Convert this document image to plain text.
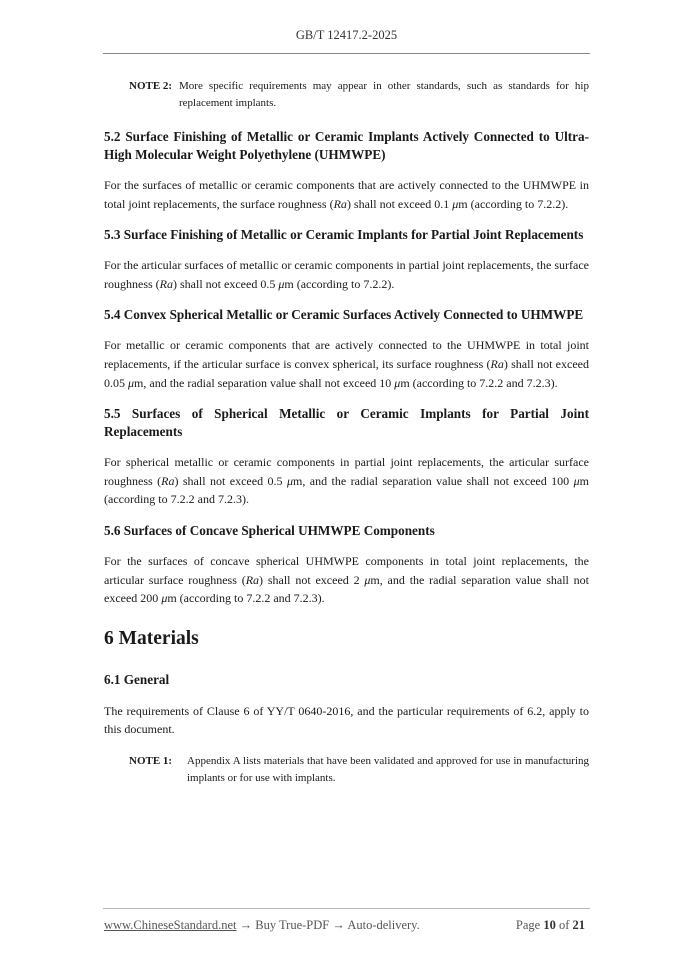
GB/T 12417.2-2025
NOTE 2: More specific requirements may appear in other standards, such as standards for hip replacement implants.
5.2 Surface Finishing of Metallic or Ceramic Implants Actively Connected to Ultra-High Molecular Weight Polyethylene (UHMWPE)

For the surfaces of metallic or ceramic components that are actively connected to the UHMWPE in total joint replacements, the surface roughness (Ra) shall not exceed 0.1 μm (according to 7.2.2).

5.3 Surface Finishing of Metallic or Ceramic Implants for Partial Joint Replacements

For the articular surfaces of metallic or ceramic components in partial joint replacements, the surface roughness (Ra) shall not exceed 0.5 μm (according to 7.2.2).

5.4 Convex Spherical Metallic or Ceramic Surfaces Actively Connected to UHMWPE

For metallic or ceramic components that are actively connected to the UHMWPE in total joint replacements, if the articular surface is convex spherical, its surface roughness (Ra) shall not exceed 0.05 μm, and the radial separation value shall not exceed 10 μm (according to 7.2.2 and 7.2.3).

5.5 Surfaces of Spherical Metallic or Ceramic Implants for Partial Joint Replacements

For spherical metallic or ceramic components in partial joint replacements, the articular surface roughness (Ra) shall not exceed 0.5 μm, and the radial separation value shall not exceed 100 μm (according to 7.2.2 and 7.2.3).

5.6 Surfaces of Concave Spherical UHMWPE Components

For the surfaces of concave spherical UHMWPE components in total joint replacements, the articular surface roughness (Ra) shall not exceed 2 μm, and the radial separation value shall not exceed 200 μm (according to 7.2.2 and 7.2.3).

6 Materials
6.1 General

The requirements of Clause 6 of YY/T 0640-2016, and the particular requirements of 6.2, apply to this document.

NOTE 1:	Appendix A lists materials that have been validated and approved for use in manufacturing implants or for use with implants.
www.ChineseStandard.net → Buy True-PDF → Auto-delivery.	Page 10 of 21
